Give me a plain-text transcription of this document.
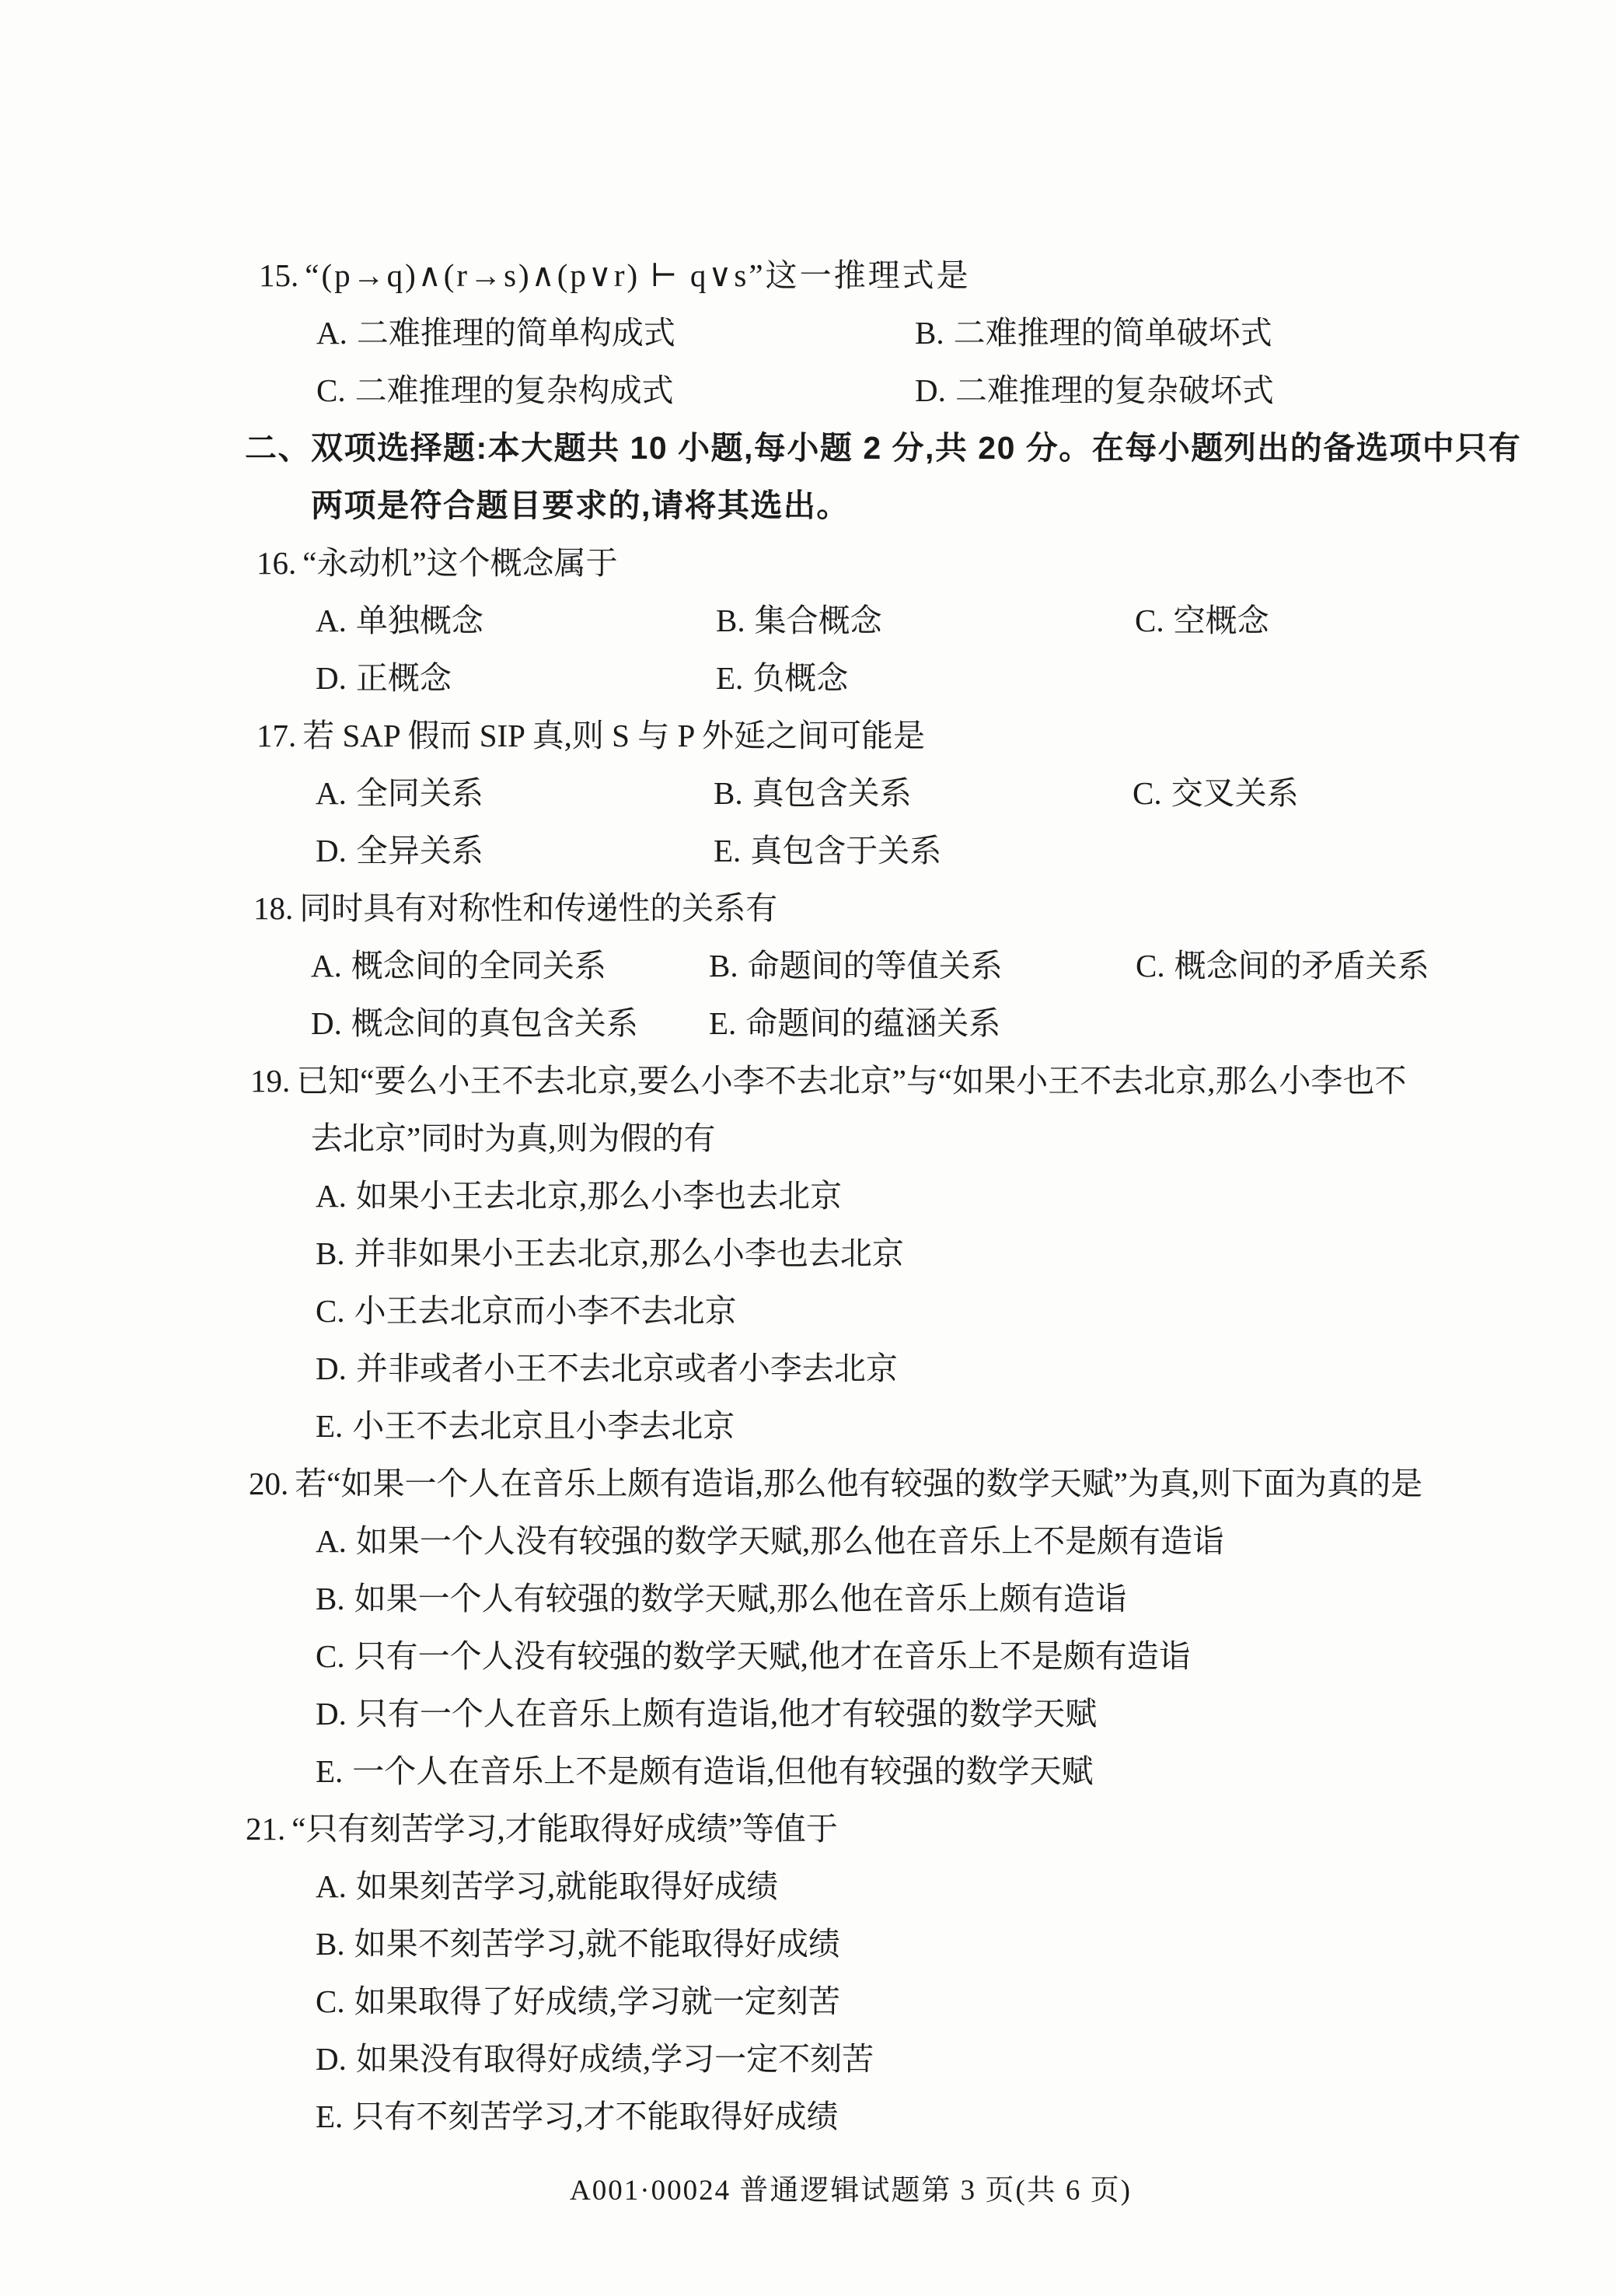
15. “(p→q)∧(r→s)∧(p∨r) ⊢ q∨s”这一推理式是
A. 二难推理的简单构成式	B. 二难推理的简单破坏式
C. 二难推理的复杂构成式	D. 二难推理的复杂破坏式
二、双项选择题:本大题共 10 小题,每小题 2 分,共 20 分。在每小题列出的备选项中只有
两项是符合题目要求的,请将其选出。
16. “永动机”这个概念属于
A. 单独概念	B. 集合概念	C. 空概念
D. 正概念	E. 负概念
17. 若 SAP 假而 SIP 真,则 S 与 P 外延之间可能是
A. 全同关系	B. 真包含关系	C. 交叉关系
D. 全异关系	E. 真包含于关系
18. 同时具有对称性和传递性的关系有
A. 概念间的全同关系	B. 命题间的等值关系	C. 概念间的矛盾关系
D. 概念间的真包含关系 E. 命题间的蕴涵关系
19. 已知“要么小王不去北京,要么小李不去北京”与“如果小王不去北京,那么小李也不
去北京”同时为真,则为假的有
A. 如果小王去北京,那么小李也去北京
B. 并非如果小王去北京,那么小李也去北京
C. 小王去北京而小李不去北京
D. 并非或者小王不去北京或者小李去北京
E. 小王不去北京且小李去北京
20. 若“如果一个人在音乐上颇有造诣,那么他有较强的数学天赋”为真,则下面为真的是
A. 如果一个人没有较强的数学天赋,那么他在音乐上不是颇有造诣
B. 如果一个人有较强的数学天赋,那么他在音乐上颇有造诣
C. 只有一个人没有较强的数学天赋,他才在音乐上不是颇有造诣
D. 只有一个人在音乐上颇有造诣,他才有较强的数学天赋
E. 一个人在音乐上不是颇有造诣,但他有较强的数学天赋
21. “只有刻苦学习,才能取得好成绩”等值于
A. 如果刻苦学习,就能取得好成绩
B. 如果不刻苦学习,就不能取得好成绩
C. 如果取得了好成绩,学习就一定刻苦
D. 如果没有取得好成绩,学习一定不刻苦
E. 只有不刻苦学习,才不能取得好成绩
A001·00024 普通逻辑试题第 3 页(共 6 页)
